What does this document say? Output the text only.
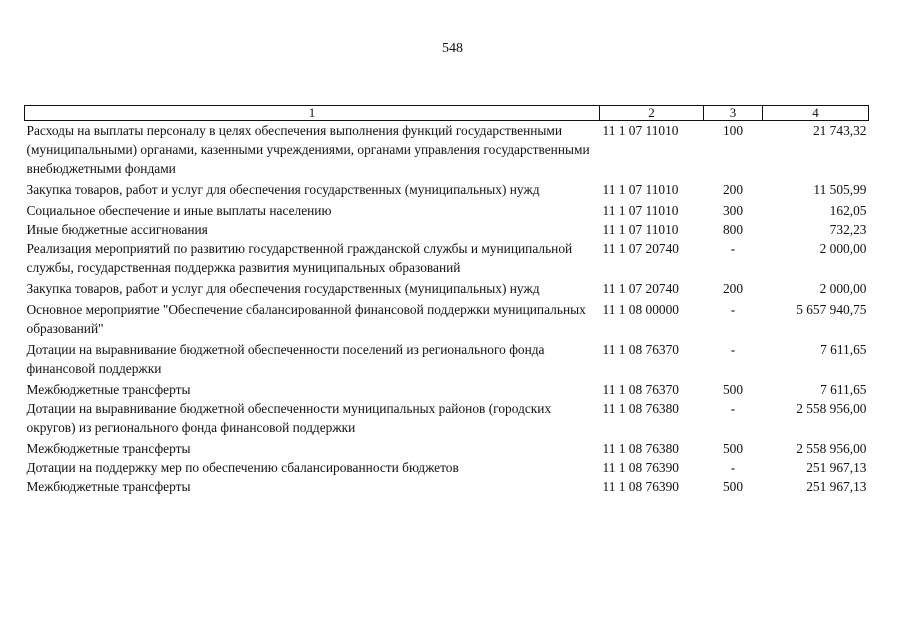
548
1	2	3	4
Расходы на выплаты персоналу в целях обеспечения выполнения функций государственными (муниципальными) органами, казенными учреждениями, органами управления государственными внебюджетными фондами	11 1 07 11010	100	21 743,32
Закупка товаров, работ и услуг для обеспечения государственных (муниципальных) нужд	11 1 07 11010	200	11 505,99
Социальное обеспечение и иные выплаты населению	11 1 07 11010	300	162,05
Иные бюджетные ассигнования	11 1 07 11010	800	732,23
Реализация мероприятий по развитию государственной гражданской службы и муниципальной службы, государственная поддержка развития муниципальных образований	11 1 07 20740	-	2 000,00
Закупка товаров, работ и услуг для обеспечения государственных (муниципальных) нужд	11 1 07 20740	200	2 000,00
Основное мероприятие "Обеспечение сбалансированной финансовой поддержки муниципальных образований"	11 1 08 00000	-	5 657 940,75
Дотации на выравнивание бюджетной обеспеченности поселений из регионального фонда финансовой поддержки	11 1 08 76370	-	7 611,65
Межбюджетные трансферты	11 1 08 76370	500	7 611,65
Дотации на выравнивание бюджетной обеспеченности муниципальных районов (городских округов) из регионального фонда финансовой поддержки	11 1 08 76380	-	2 558 956,00
Межбюджетные трансферты	11 1 08 76380	500	2 558 956,00
Дотации на поддержку мер по обеспечению сбалансированности бюджетов	11 1 08 76390	-	251 967,13
Межбюджетные трансферты	11 1 08 76390	500	251 967,13
